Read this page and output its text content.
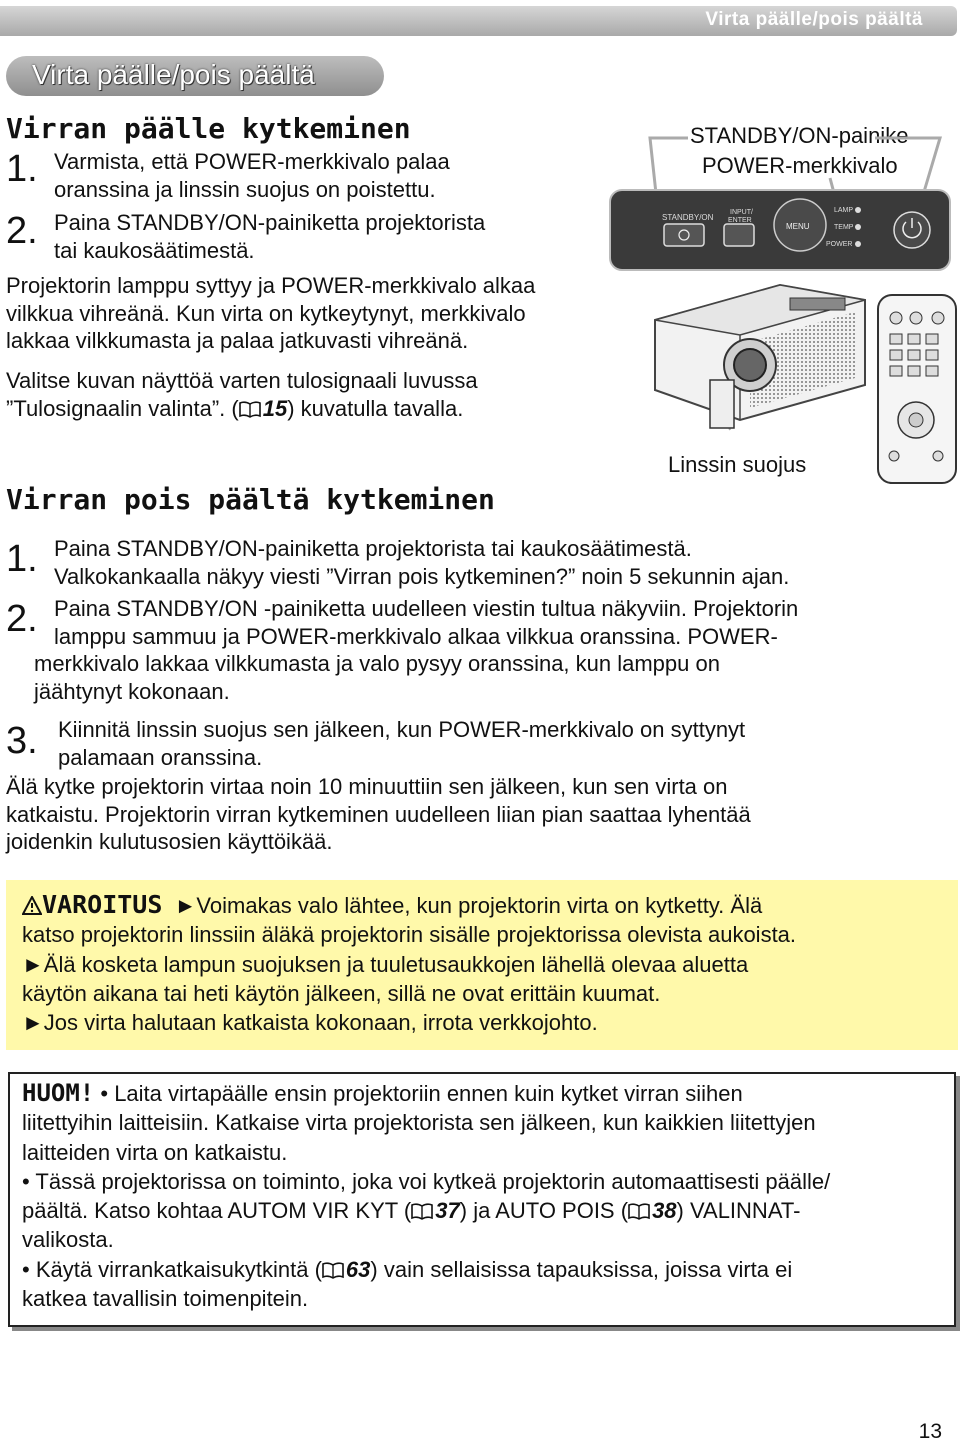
Virta päälle/pois päältä
Virta päälle/pois päältä
Virran päälle kytkeminen
1. Varmista, että POWER-merkkivalo palaa
oranssina ja linssin suojus on poistettu.
2. Paina STANDBY/ON-painiketta projektorista
tai kaukosäätimestä.
Projektorin lamppu syttyy ja POWER-merkkivalo alkaa
vilkkua vihreänä. Kun virta on kytkeytynyt, merkkivalo
lakkaa vilkkumasta ja palaa jatkuvasti vihreänä.
Valitse kuvan näyttöä varten tulosignaali luvussa
”Tulosignaalin valinta”. ( 15) kuvatulla tavalla.
STANDBY/ON-painike
POWER-merkkivalo
Linssin suojus
STANDBY/ON
INPUT/
ENTER
MENU
LAMP
TEMP
POWER
Virran pois päältä kytkeminen
1. Paina STANDBY/ON-painiketta projektorista tai kaukosäätimestä.
Valkokankaalla näkyy viesti ”Virran pois kytkeminen?” noin 5 sekunnin ajan.
2. Paina STANDBY/ON -painiketta uudelleen viestin tultua näkyviin. Projektorin
lamppu sammuu ja POWER-merkkivalo alkaa vilkkua oranssina. POWER-
merkkivalo lakkaa vilkkumasta ja valo pysyy oranssina, kun lamppu on
jäähtynyt kokonaan.
3. Kiinnitä linssin suojus sen jälkeen, kun POWER-merkkivalo on syttynyt
palamaan oranssina.
Älä kytke projektorin virtaa noin 10 minuuttiin sen jälkeen, kun sen virta on
katkaistu. Projektorin virran kytkeminen uudelleen liian pian saattaa lyhentää
joidenkin kulutusosien käyttöikää.
VAROITUS ►Voimakas valo lähtee, kun projektorin virta on kytketty. Älä
katso projektorin linssiin äläkä projektorin sisälle projektorissa olevista aukoista.
►Älä kosketa lampun suojuksen ja tuuletusaukkojen lähellä olevaa aluetta
käytön aikana tai heti käytön jälkeen, sillä ne ovat erittäin kuumat.
►Jos virta halutaan katkaista kokonaan, irrota verkkojohto.
HUOM! • Laita virtapäälle ensin projektoriin ennen kuin kytket virran siihen
liitettyihin laitteisiin. Katkaise virta projektorista sen jälkeen, kun kaikkien liitettyjen
laitteiden virta on katkaistu.
• Tässä projektorissa on toiminto, joka voi kytkeä projektorin automaattisesti päälle/
päältä. Katso kohtaa AUTOM VIR KYT ( 37) ja AUTO POIS ( 38) VALINNAT-
valikosta.
• Käytä virrankatkaisukytkintä ( 63) vain sellaisissa tapauksissa, joissa virta ei
katkea tavallisin toimenpitein.
13
